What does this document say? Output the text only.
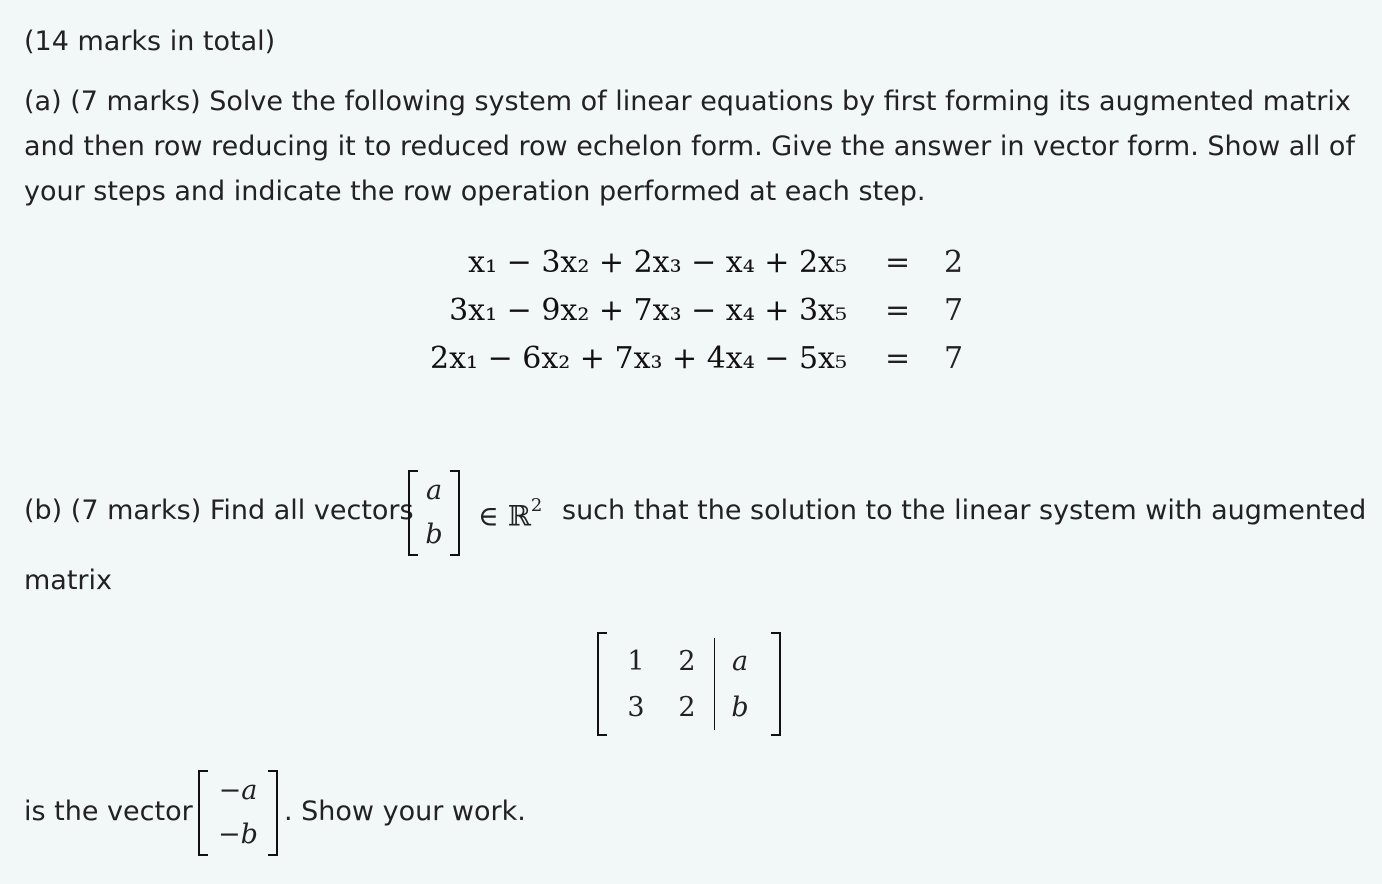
(14 marks in total)
(a) (7 marks) Solve the following system of linear equations by first forming its augmented matrix
and then row reducing it to reduced row echelon form. Give the answer in vector form. Show all of
your steps and indicate the row operation performed at each step.
x₁ − 3x₂ + 2x₃ − x₄ + 2x₅ = 2
3x₁ − 9x₂ + 7x₃ − x₄ + 3x₅ = 7
2x₁ − 6x₂ + 7x₃ + 4x₄ − 5x₅ = 7
(b) (7 marks) Find all vectors
a
b
∈ ℝ$^2$ such that the solution to the linear system with augmented
matrix
1 2 a
3 2 b
is the vector
−a
−b
. Show your work.
